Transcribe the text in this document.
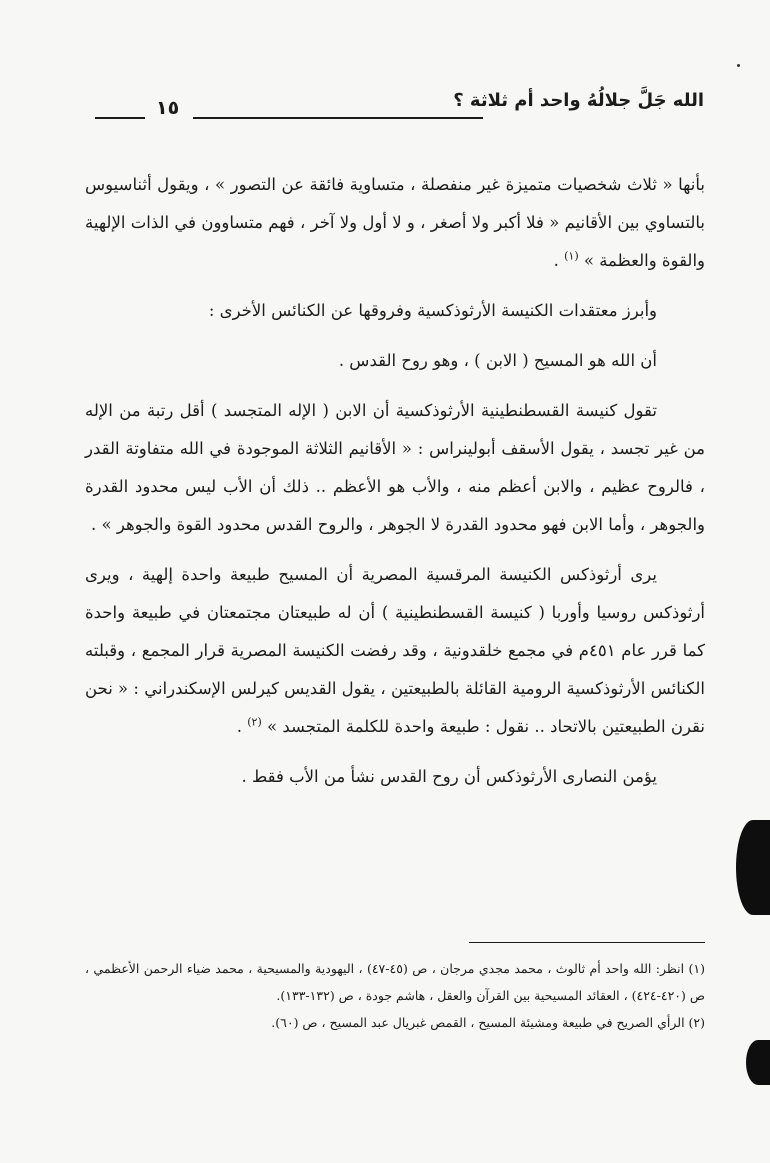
الله جَلَّ جلالُهُ واحد أم ثلاثة ؟
١٥

بأنها « ثلاث شخصيات متميزة غير منفصلة ، متساوية فائقة عن التصور » ، ويقول أثناسيوس بالتساوي بين الأقانيم « فلا أكبر ولا أصغر ، و لا أول ولا آخر ، فهم متساوون في الذات الإلهية والقوة والعظمة » $^{(١)}$ .

وأبرز معتقدات الكنيسة الأرثوذكسية وفروقها عن الكنائس الأخرى :

أن الله هو المسيح ( الابن ) ، وهو روح القدس .

تقول كنيسة القسطنطينية الأرثوذكسية أن الابن ( الإله المتجسد ) أقل رتبة من الإله من غير تجسد ، يقول الأسقف أبولينراس : « الأقانيم الثلاثة الموجودة في الله متفاوتة القدر ، فالروح عظيم ، والابن أعظم منه ، والأب هو الأعظم .. ذلك أن الأب ليس محدود القدرة والجوهر ، وأما الابن فهو محدود القدرة لا الجوهر ، والروح القدس محدود القوة والجوهر » .

يرى أرثوذكس الكنيسة المرقسية المصرية أن المسيح طبيعة واحدة إلهية ، ويرى أرثوذكس روسيا وأوربا ( كنيسة القسطنطينية ) أن له طبيعتان مجتمعتان في طبيعة واحدة كما قرر عام ٤٥١م في مجمع خلقدونية ، وقد رفضت الكنيسة المصرية قرار المجمع ، وقبلته الكنائس الأرثوذكسية الرومية القائلة بالطبيعتين ، يقول القديس كيرلس الإسكندراني : « نحن نقرن الطبيعتين بالاتحاد .. نقول : طبيعة واحدة للكلمة المتجسد » $^{(٢)}$ .

يؤمن النصارى الأرثوذكس أن روح القدس نشأ من الأب فقط .

(١) انظر: الله واحد أم ثالوث ، محمد مجدي مرجان ، ص (٤٥-٤٧) ، اليهودية والمسيحية ، محمد ضياء الرحمن الأعظمي ، ص (٤٢٠-٤٢٤) ، العقائد المسيحية بين القرآن والعقل ، هاشم جودة ، ص (١٣٢-١٣٣).

(٢) الرأي الصريح في طبيعة ومشيئة المسيح ، القمص غبريال عبد المسيح ، ص (٦٠).
